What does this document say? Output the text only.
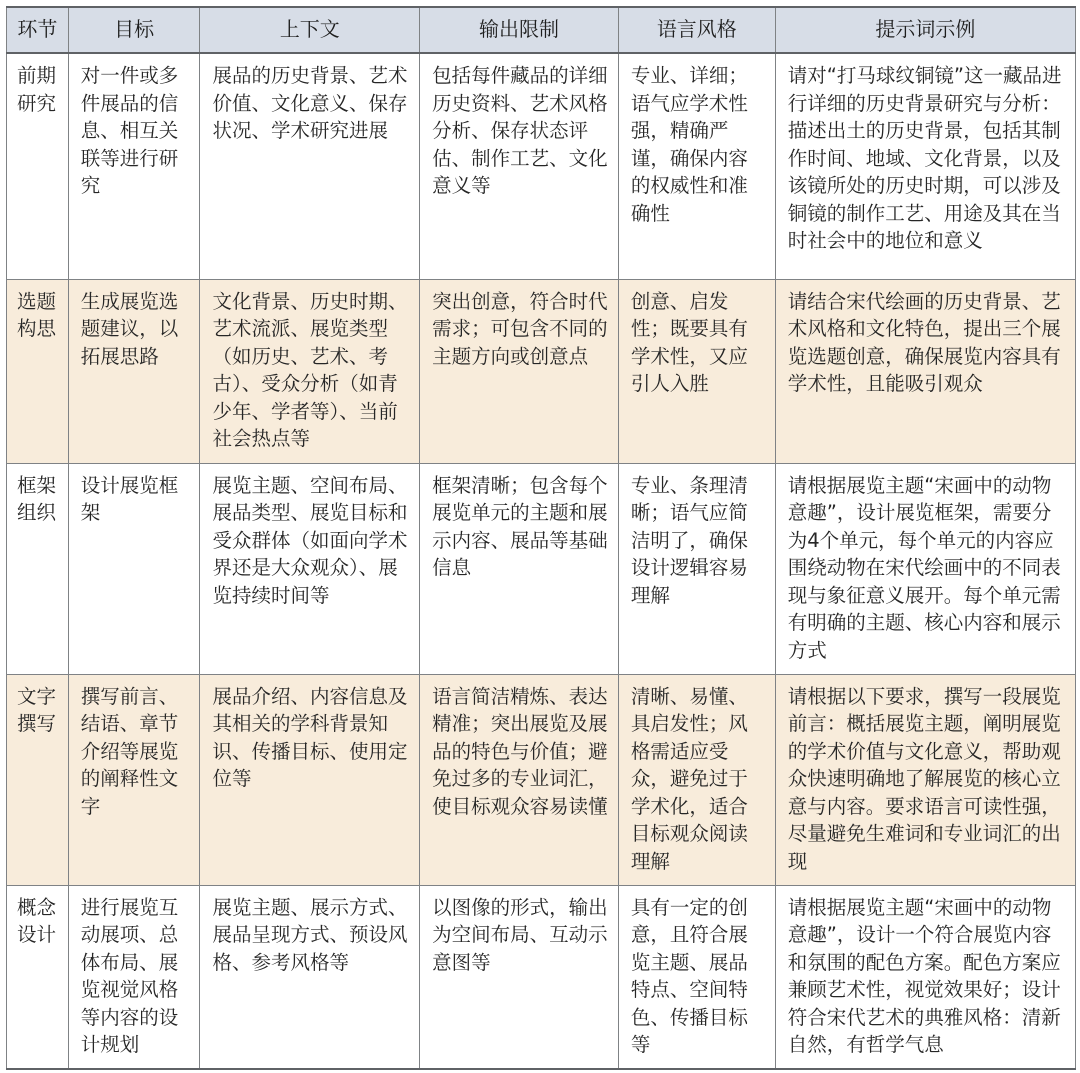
环节	目标	上下文	输出限制	语言风格	提示词示例
前期研究	对一件或多件展品的信息、相互关联等进行研究	展品的历史背景、艺术价值、文化意义、保存状况、学术研究进展	包括每件藏品的详细历史资料、艺术风格分析、保存状态评估、制作工艺、文化意义等	专业、详细；语气应学术性强，精确严谨，确保内容的权威性和准确性	请对“打马球纹铜镜”这一藏品进行详细的历史背景研究与分析：描述出土的历史背景，包括其制作时间、地域、文化背景，以及该镜所处的历史时期，可以涉及铜镜的制作工艺、用途及其在当时社会中的地位和意义
选题构思	生成展览选题建议，以拓展思路	文化背景、历史时期、艺术流派、展览类型（如历史、艺术、考古）、受众分析（如青少年、学者等）、当前社会热点等	突出创意，符合时代需求；可包含不同的主题方向或创意点	创意、启发性；既要具有学术性，又应引人入胜	请结合宋代绘画的历史背景、艺术风格和文化特色，提出三个展览选题创意，确保展览内容具有学术性，且能吸引观众
框架组织	设计展览框架	展览主题、空间布局、展品类型、展览目标和受众群体（如面向学术界还是大众观众）、展览持续时间等	框架清晰；包含每个展览单元的主题和展示内容、展品等基础信息	专业、条理清晰；语气应简洁明了，确保设计逻辑容易理解	请根据展览主题“宋画中的动物意趣”，设计展览框架，需要分为4个单元，每个单元的内容应围绕动物在宋代绘画中的不同表现与象征意义展开。每个单元需有明确的主题、核心内容和展示方式
文字撰写	撰写前言、结语、章节介绍等展览的阐释性文字	展品介绍、内容信息及其相关的学科背景知识、传播目标、使用定位等	语言简洁精炼、表达精准；突出展览及展品的特色与价值；避免过多的专业词汇，使目标观众容易读懂	清晰、易懂、具启发性；风格需适应受众，避免过于学术化，适合目标观众阅读理解	请根据以下要求，撰写一段展览前言：概括展览主题，阐明展览的学术价值与文化意义，帮助观众快速明确地了解展览的核心立意与内容。要求语言可读性强，尽量避免生难词和专业词汇的出现
概念设计	进行展览互动展项、总体布局、展览视觉风格等内容的设计规划	展览主题、展示方式、展品呈现方式、预设风格、参考风格等	以图像的形式，输出为空间布局、互动示意图等	具有一定的创意，且符合展览主题、展品特点、空间特色、传播目标等	请根据展览主题“宋画中的动物意趣”，设计一个符合展览内容和氛围的配色方案。配色方案应兼顾艺术性，视觉效果好；设计符合宋代艺术的典雅风格：清新自然，有哲学气息
